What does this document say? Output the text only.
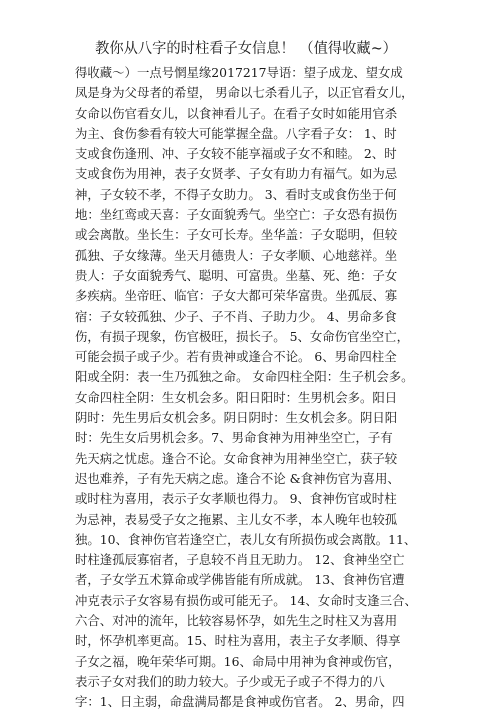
教你从八字的时柱看子女信息！ （值得收藏~）
得收藏〜）一点号惘星缘2017217导语：望子成龙、望女成
凤是身为父母者的希望， 男命以七杀看儿子，以正官看女儿，
女命以伤官看女儿，以食神看儿子。在看子女时如能用官杀
为主、食伤参看有较大可能掌握全盘。八字看子女： 1、时
支或食伤逢刑、冲、子女较不能享福或子女不和睦。 2、时
支或食伤为用神，表子女贤孝、子女有助力有福气。如为忌
神，子女较不孝，不得子女助力。 3、看时支或食伤坐于何
地：坐红鸾或天喜：子女面貌秀气。坐空亡：子女恐有损伤
或会离散。坐长生：子女可长寿。坐华盖：子女聪明，但较
孤独、子女缘薄。坐天月德贵人：子女孝顺、心地慈祥。坐
贵人：子女面貌秀气、聪明、可富贵。坐墓、死、绝：子女
多疾病。坐帝旺、临官：子女大都可荣华富贵。坐孤辰、寡
宿：子女较孤独、少子、子不肖、子助力少。 4、男命多食
伤，有损子现象，伤官极旺，损长子。 5、女命伤官坐空亡，
可能会损子或子少。若有贵神或逢合不论。 6、男命四柱全
阳或全阴：表一生乃孤独之命。 女命四柱全阳：生子机会多。
女命四柱全阴：生女机会多。阳日阳时：生男机会多。阳日
阴时：先生男后女机会多。阴日阴时：生女机会多。阴日阳
时：先生女后男机会多。7、男命食神为用神坐空亡，子有
先天病之忧虑。逢合不论。女命食神为用神坐空亡，获子较
迟也难养，子有先天病之虑。逢合不论 &食神伤官为喜用、
或时柱为喜用，表示子女孝顺也得力。 9、食神伤官或时柱
为忌神，表易受子女之拖累、主儿女不孝，本人晚年也较孤
独。10、食神伤官若逢空亡，表儿女有所损伤或会离散。11、
时柱逢孤辰寡宿者，子息较不肖且无助力。 12、食神坐空亡
者，子女学五术算命或学佛皆能有所成就。 13、食神伤官遭
冲克表示子女容易有损伤或可能无子。 14、女命时支逢三合、
六合、对冲的流年，比较容易怀孕，如先生之时柱又为喜用
时，怀孕机率更高。15、时柱为喜用，表主子女孝顺、得享
子女之福，晚年荣华可期。16、命局中用神为食神或伤官，
表示子女对我们的助力较大。子少或无子或子不得力的八
字：1、日主弱，命盘满局都是食神或伤官者。 2、男命，四
